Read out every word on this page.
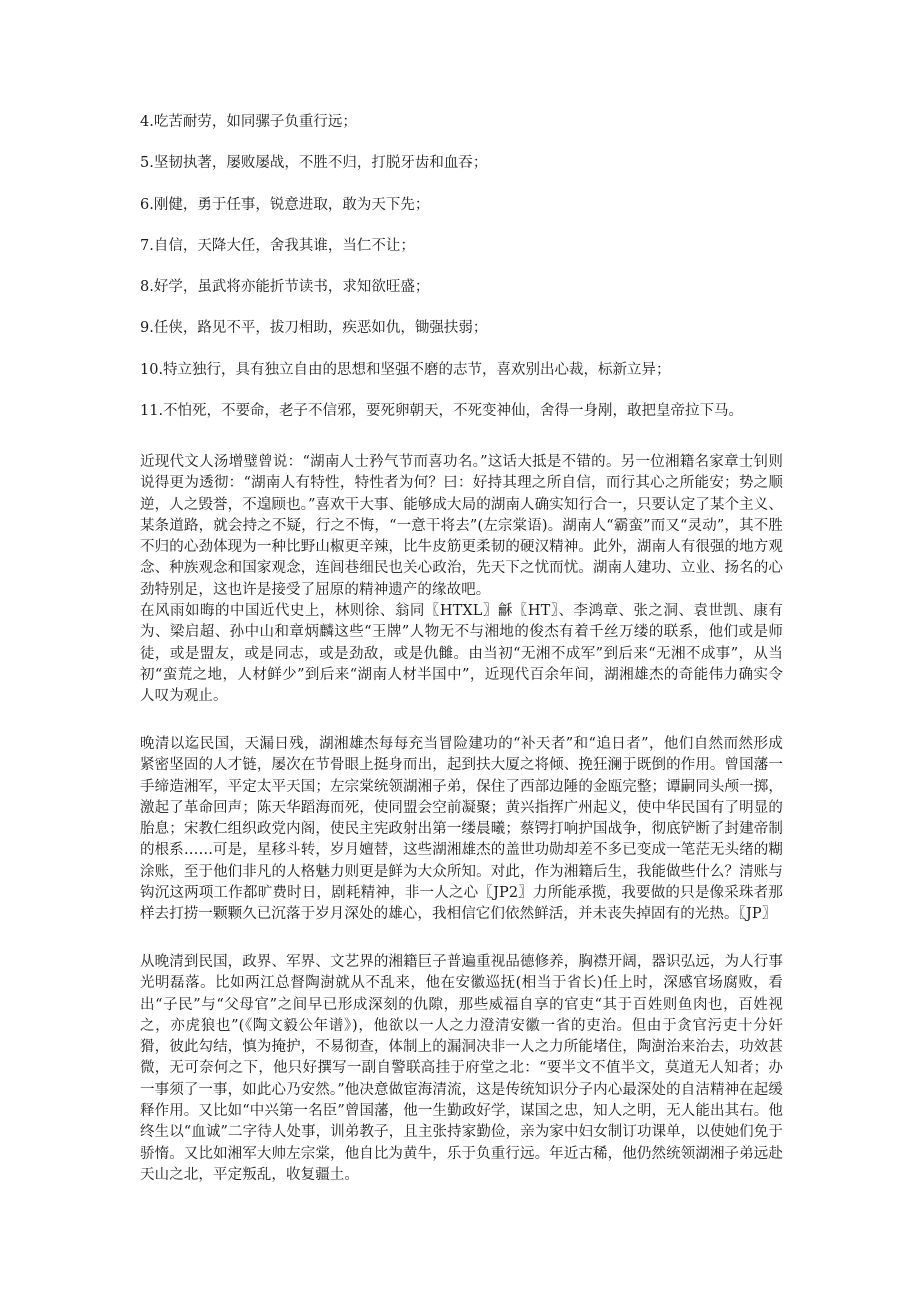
4.吃苦耐劳，如同骡子负重行远；
5.坚韧执著，屡败屡战，不胜不归，打脱牙齿和血吞；
6.刚健，勇于任事，锐意进取，敢为天下先；
7.自信，天降大任，舍我其谁，当仁不让；
8.好学，虽武将亦能折节读书，求知欲旺盛；
9.任侠，路见不平，拔刀相助，疾恶如仇，锄强扶弱；
10.特立独行，具有独立自由的思想和坚强不磨的志节，喜欢别出心裁，标新立异；
11.不怕死，不要命，老子不信邪，要死卵朝天，不死变神仙，舍得一身剐，敢把皇帝拉下马。

近现代文人汤增璧曾说：“湖南人士矜气节而喜功名。”这话大抵是不错的。另一位湘籍名家章士钊则说得更为透彻：“湖南人有特性，特性者为何？曰：好持其理之所自信，而行其心之所能安；势之顺逆，人之毁誉，不遑顾也。”喜欢干大事、能够成大局的湖南人确实知行合一，只要认定了某个主义、某条道路，就会持之不疑，行之不悔，“一意干将去”(左宗棠语)。湖南人“霸蛮”而又“灵动”，其不胜不归的心劲体现为一种比野山椒更辛辣，比牛皮筋更柔韧的硬汉精神。此外，湖南人有很强的地方观念、种族观念和国家观念，连闾巷细民也关心政治，先天下之忧而忧。湖南人建功、立业、扬名的心劲特别足，这也许是接受了屈原的精神遗产的缘故吧。

在风雨如晦的中国近代史上，林则徐、翁同〖HTXL〗龢〖HT〗、李鸿章、张之洞、袁世凯、康有为、梁启超、孙中山和章炳麟这些“王牌”人物无不与湘地的俊杰有着千丝万缕的联系，他们或是师徒，或是盟友，或是同志，或是劲敌，或是仇雠。由当初“无湘不成军”到后来“无湘不成事”，从当初“蛮荒之地，人材鲜少”到后来“湖南人材半国中”，近现代百余年间，湖湘雄杰的奇能伟力确实令人叹为观止。

晚清以迄民国，天漏日残，湖湘雄杰每每充当冒险建功的“补天者”和“追日者”，他们自然而然形成紧密坚固的人才链，屡次在节骨眼上挺身而出，起到扶大厦之将倾、挽狂澜于既倒的作用。曾国藩一手缔造湘军，平定太平天国；左宗棠统领湖湘子弟，保住了西部边陲的金瓯完整；谭嗣同头颅一掷，激起了革命回声；陈天华蹈海而死，使同盟会空前凝聚；黄兴指挥广州起义，使中华民国有了明显的胎息；宋教仁组织政党内阁，使民主宪政射出第一缕晨曦；蔡锷打响护国战争，彻底铲断了封建帝制的根系……可是，星移斗转，岁月嬗替，这些湖湘雄杰的盖世功勋却差不多已变成一笔茫无头绪的糊涂账，至于他们非凡的人格魅力则更是鲜为大众所知。对此，作为湘籍后生，我能做些什么？清账与钩沉这两项工作都旷费时日，剧耗精神，非一人之心〖JP2〗力所能承揽，我要做的只是像采珠者那样去打捞一颗颗久已沉落于岁月深处的雄心，我相信它们依然鲜活，并未丧失掉固有的光热。〖JP〗

从晚清到民国，政界、军界、文艺界的湘籍巨子普遍重视品德修养，胸襟开阔，器识弘远，为人行事光明磊落。比如两江总督陶澍就从不乱来，他在安徽巡抚(相当于省长)任上时，深感官场腐败，看出“子民”与“父母官”之间早已形成深刻的仇隙，那些威福自享的官吏“其于百姓则鱼肉也，百姓视之，亦虎狼也”(《陶文毅公年谱》)，他欲以一人之力澄清安徽一省的吏治。但由于贪官污吏十分奸猾，彼此勾结，慎为掩护，不易彻查，体制上的漏洞决非一人之力所能堵住，陶澍治来治去，功效甚微，无可奈何之下，他只好撰写一副自警联高挂于府堂之北：“要半文不值半文，莫道无人知者；办一事须了一事，如此心乃安然。”他决意做宦海清流，这是传统知识分子内心最深处的自洁精神在起缓释作用。又比如“中兴第一名臣”曾国藩，他一生勤政好学，谋国之忠，知人之明，无人能出其右。他终生以“血诚”二字待人处事，训弟教子，且主张持家勤俭，亲为家中妇女制订功课单，以使她们免于骄惰。又比如湘军大帅左宗棠，他自比为黄牛，乐于负重行远。年近古稀，他仍然统领湖湘子弟远赴天山之北，平定叛乱，收复疆土。
